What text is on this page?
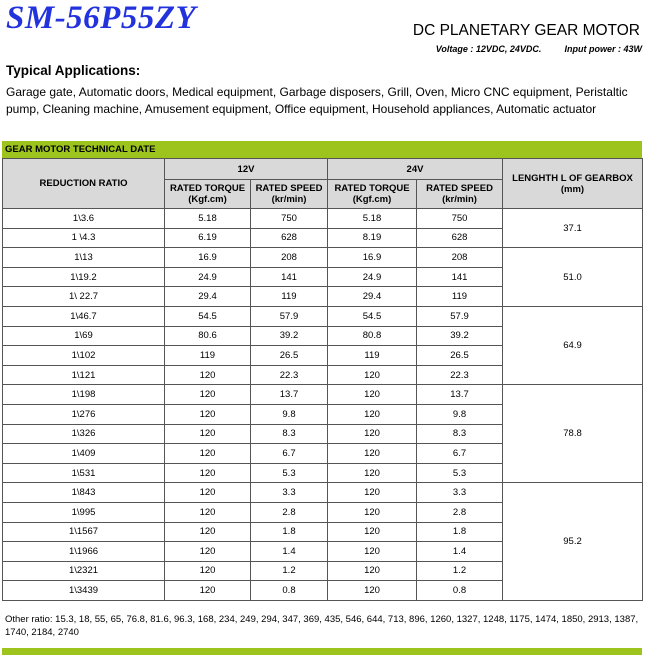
SM-56P55ZY	DC PLANETARY GEAR MOTOR
Voltage : 12VDC, 24VDC.	Input power : 43W
Typical Applications:
Garage gate, Automatic doors, Medical equipment, Garbage disposers, Grill, Oven, Micro CNC equipment, Peristaltic pump, Cleaning machine, Amusement equipment, Office equipment, Household appliances, Automatic actuator
GEAR MOTOR TECHNICAL DATE
REDUCTION RATIO	12V		24V		LENGHTH L OF GEARBOX (mm)
	RATED TORQUE (Kgf.cm)	RATED SPEED (kr/min)	RATED TORQUE (Kgf.cm)	RATED SPEED (kr/min)	
1\3.6	5.18	750	5.18	750	37.1
1 \4.3	6.19	628	8.19	628	
1\13	16.9	208	16.9	208	51.0
1\19.2	24.9	141	24.9	141	
1\ 22.7	29.4	119	29.4	119	
1\46.7	54.5	57.9	54.5	57.9	64.9
1\69	80.6	39.2	80.8	39.2	
1\102	119	26.5	119	26.5	
1\121	120	22.3	120	22.3	
1\198	120	13.7	120	13.7	78.8
1\276	120	9.8	120	9.8	
1\326	120	8.3	120	8.3	
1\409	120	6.7	120	6.7	
1\531	120	5.3	120	5.3	
1\843	120	3.3	120	3.3	95.2
1\995	120	2.8	120	2.8	
1\1567	120	1.8	120	1.8	
1\1966	120	1.4	120	1.4	
1\2321	120	1.2	120	1.2	
1\3439	120	0.8	120	0.8	
Other ratio: 15.3, 18, 55, 65, 76.8, 81.6, 96.3, 168, 234, 249, 294, 347, 369, 435, 546, 644, 713, 896, 1260, 1327, 1248, 1175, 1474, 1850, 2913, 1387, 1740, 2184, 2740
